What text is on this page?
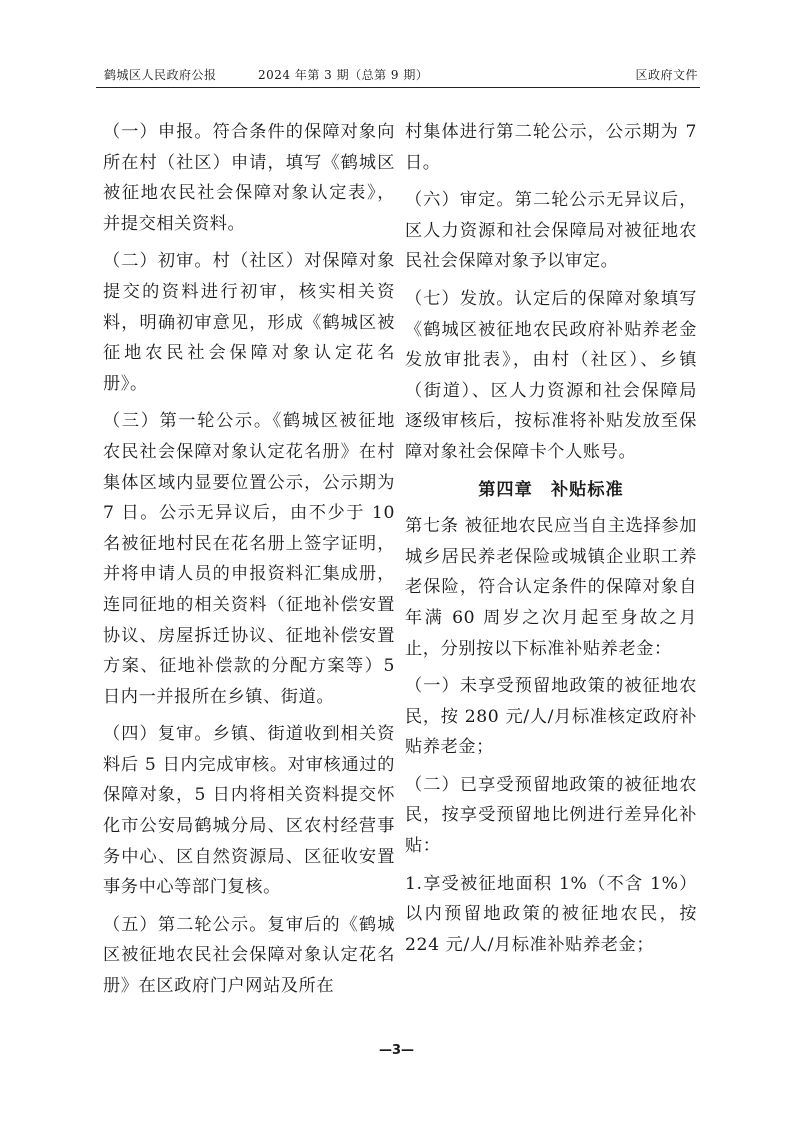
鹤城区人民政府公报	2024 年第 3 期（总第 9 期）	区政府文件

（一）申报。符合条件的保障对象向所在村（社区）申请，填写《鹤城区被征地农民社会保障对象认定表》，并提交相关资料。

（二）初审。村（社区）对保障对象提交的资料进行初审，核实相关资料，明确初审意见，形成《鹤城区被征地农民社会保障对象认定花名册》。

（三）第一轮公示。《鹤城区被征地农民社会保障对象认定花名册》在村集体区域内显要位置公示，公示期为 7 日。公示无异议后，由不少于 10 名被征地村民在花名册上签字证明，并将申请人员的申报资料汇集成册，连同征地的相关资料（征地补偿安置协议、房屋拆迁协议、征地补偿安置方案、征地补偿款的分配方案等）5 日内一并报所在乡镇、街道。

（四）复审。乡镇、街道收到相关资料后 5 日内完成审核。对审核通过的保障对象，5 日内将相关资料提交怀化市公安局鹤城分局、区农村经营事务中心、区自然资源局、区征收安置事务中心等部门复核。

（五）第二轮公示。复审后的《鹤城区被征地农民社会保障对象认定花名册》在区政府门户网站及所在

村集体进行第二轮公示，公示期为 7 日。

（六）审定。第二轮公示无异议后，区人力资源和社会保障局对被征地农民社会保障对象予以审定。

（七）发放。认定后的保障对象填写《鹤城区被征地农民政府补贴养老金发放审批表》，由村（社区）、乡镇（街道）、区人力资源和社会保障局逐级审核后，按标准将补贴发放至保障对象社会保障卡个人账号。

第四章　补贴标准

第七条 被征地农民应当自主选择参加城乡居民养老保险或城镇企业职工养老保险，符合认定条件的保障对象自年满 60 周岁之次月起至身故之月止，分别按以下标准补贴养老金：

（一）未享受预留地政策的被征地农民，按 280 元/人/月标准核定政府补贴养老金；

（二）已享受预留地政策的被征地农民，按享受预留地比例进行差异化补贴：

1.享受被征地面积 1%（不含 1%）以内预留地政策的被征地农民，按 224 元/人/月标准补贴养老金；

—3—
